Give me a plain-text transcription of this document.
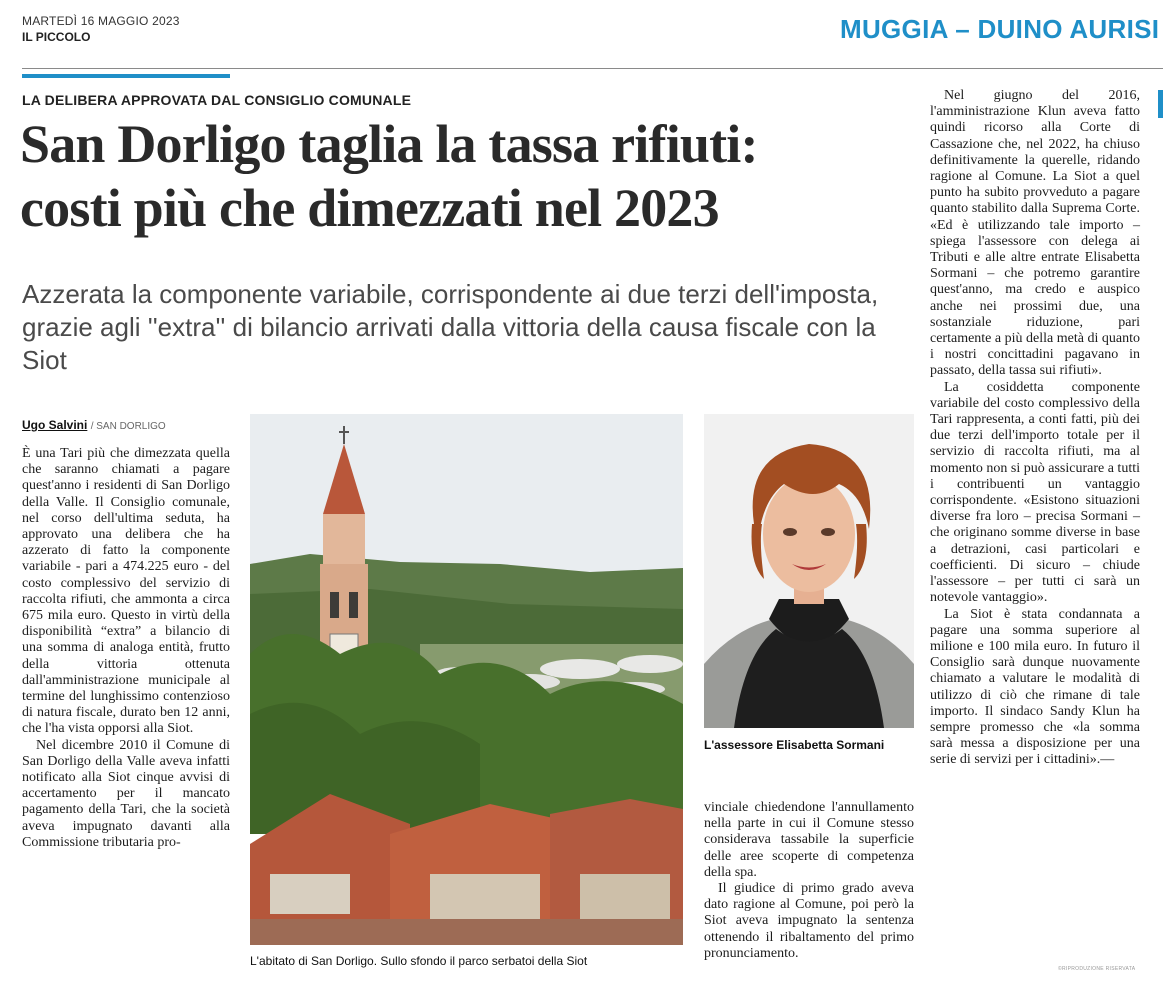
MARTEDÌ 16 MAGGIO 2023
IL PICCOLO	MUGGIA – DUINO AURISI
LA DELIBERA APPROVATA DAL CONSIGLIO COMUNALE
San Dorligo taglia la tassa rifiuti:
costi più che dimezzati nel 2023

Azzerata la componente variabile, corrispondente ai due terzi dell'imposta,
grazie agli ''extra'' di bilancio arrivati dalla vittoria della causa fiscale con la Siot

Ugo Salvini / SAN DORLIGO

È una Tari più che dimezzata quella che saranno chiamati a pagare quest'anno i residenti di San Dorligo della Valle. Il Consiglio comunale, nel corso dell'ultima seduta, ha approvato una delibera che ha azzerato di fatto la componente variabile - pari a 474.225 euro - del costo complessivo del servizio di raccolta rifiuti, che ammonta a circa 675 mila euro. Questo in virtù della disponibilità “extra” a bilancio di una somma di analoga entità, frutto della vittoria ottenuta dall'amministrazione municipale al termine del lunghissimo contenzioso di natura fiscale, durato ben 12 anni, che l'ha vista opporsi alla Siot.

Nel dicembre 2010 il Comune di San Dorligo della Valle aveva infatti notificato alla Siot cinque avvisi di accertamento per il mancato pagamento della Tari, che la società aveva impugnato davanti alla Commissione tributaria pro-

L'abitato di San Dorligo. Sullo sfondo il parco serbatoi della Siot
L'assessore Elisabetta Sormani

vinciale chiedendone l'annullamento nella parte in cui il Comune stesso considerava tassabile la superficie delle aree scoperte di competenza della spa.

Il giudice di primo grado aveva dato ragione al Comune, poi però la Siot aveva impugnato la sentenza ottenendo il ribaltamento del primo pronunciamento.

Nel giugno del 2016, l'amministrazione Klun aveva fatto quindi ricorso alla Corte di Cassazione che, nel 2022, ha chiuso definitivamente la querelle, ridando ragione al Comune. La Siot a quel punto ha subito provveduto a pagare quanto stabilito dalla Suprema Corte. «Ed è utilizzando tale importo – spiega l'assessore con delega ai Tributi e alle altre entrate Elisabetta Sormani – che potremo garantire quest'anno, ma credo e auspico anche nei prossimi due, una sostanziale riduzione, pari certamente a più della metà di quanto i nostri concittadini pagavano in passato, della tassa sui rifiuti».

La cosiddetta componente variabile del costo complessivo della Tari rappresenta, a conti fatti, più dei due terzi dell'importo totale per il servizio di raccolta rifiuti, ma al momento non si può assicurare a tutti i contribuenti un vantaggio corrispondente. «Esistono situazioni diverse fra loro – precisa Sormani – che originano somme diverse in base a detrazioni, casi particolari e coefficienti. Di sicuro – chiude l'assessore – per tutti ci sarà un notevole vantaggio».

La Siot è stata condannata a pagare una somma superiore al milione e 100 mila euro. In futuro il Consiglio sarà dunque nuovamente chiamato a valutare le modalità di utilizzo di ciò che rimane di tale importo. Il sindaco Sandy Klun ha sempre promesso che «la somma sarà messa a disposizione per una serie di servizi per i cittadini».—

©RIPRODUZIONE RISERVATA
